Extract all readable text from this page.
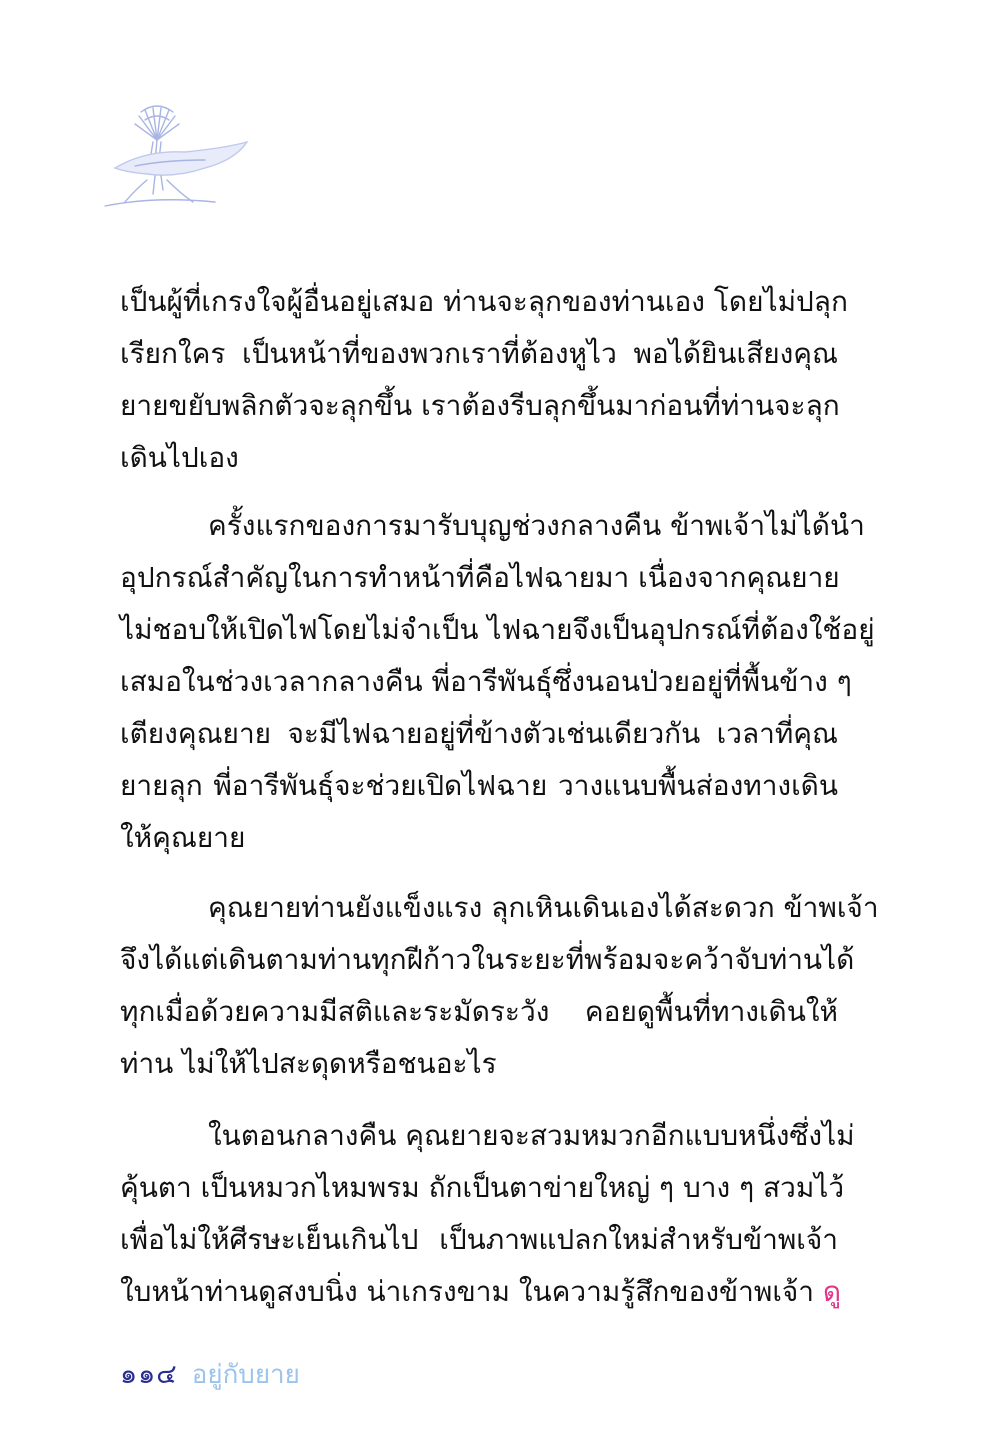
เป็นผู้ที่เกรงใจผู้อื่นอยู่เสมอ ท่านจะลุกของท่านเอง โดยไม่ปลุก
เรียกใคร เป็นหน้าที่ของพวกเราที่ต้องหูไว พอได้ยินเสียงคุณ
ยายขยับพลิกตัวจะลุกขึ้น เราต้องรีบลุกขึ้นมาก่อนที่ท่านจะลุก
เดินไปเอง
ครั้งแรกของการมารับบุญช่วงกลางคืน ข้าพเจ้าไม่ได้นำ
อุปกรณ์สำคัญในการทำหน้าที่คือไฟฉายมา เนื่องจากคุณยาย
ไม่ชอบให้เปิดไฟโดยไม่จำเป็น ไฟฉายจึงเป็นอุปกรณ์ที่ต้องใช้อยู่
เสมอในช่วงเวลากลางคืน พี่อารีพันธุ์ซึ่งนอนป่วยอยู่ที่พื้นข้าง ๆ
เตียงคุณยาย จะมีไฟฉายอยู่ที่ข้างตัวเช่นเดียวกัน เวลาที่คุณ
ยายลุก พี่อารีพันธุ์จะช่วยเปิดไฟฉาย วางแนบพื้นส่องทางเดิน
ให้คุณยาย
คุณยายท่านยังแข็งแรง ลุกเหินเดินเองได้สะดวก ข้าพเจ้า
จึงได้แต่เดินตามท่านทุกฝีก้าวในระยะที่พร้อมจะคว้าจับท่านได้
ทุกเมื่อด้วยความมีสติและระมัดระวัง คอยดูพื้นที่ทางเดินให้
ท่าน ไม่ให้ไปสะดุดหรือชนอะไร
ในตอนกลางคืน คุณยายจะสวมหมวกอีกแบบหนึ่งซึ่งไม่
คุ้นตา เป็นหมวกไหมพรม ถักเป็นตาข่ายใหญ่ ๆ บาง ๆ สวมไว้
เพื่อไม่ให้ศีรษะเย็นเกินไป เป็นภาพแปลกใหม่สำหรับข้าพเจ้า
ใบหน้าท่านดูสงบนิ่ง น่าเกรงขาม ในความรู้สึกของข้าพเจ้า ดู
๑๑๔ อยู่กับยาย
